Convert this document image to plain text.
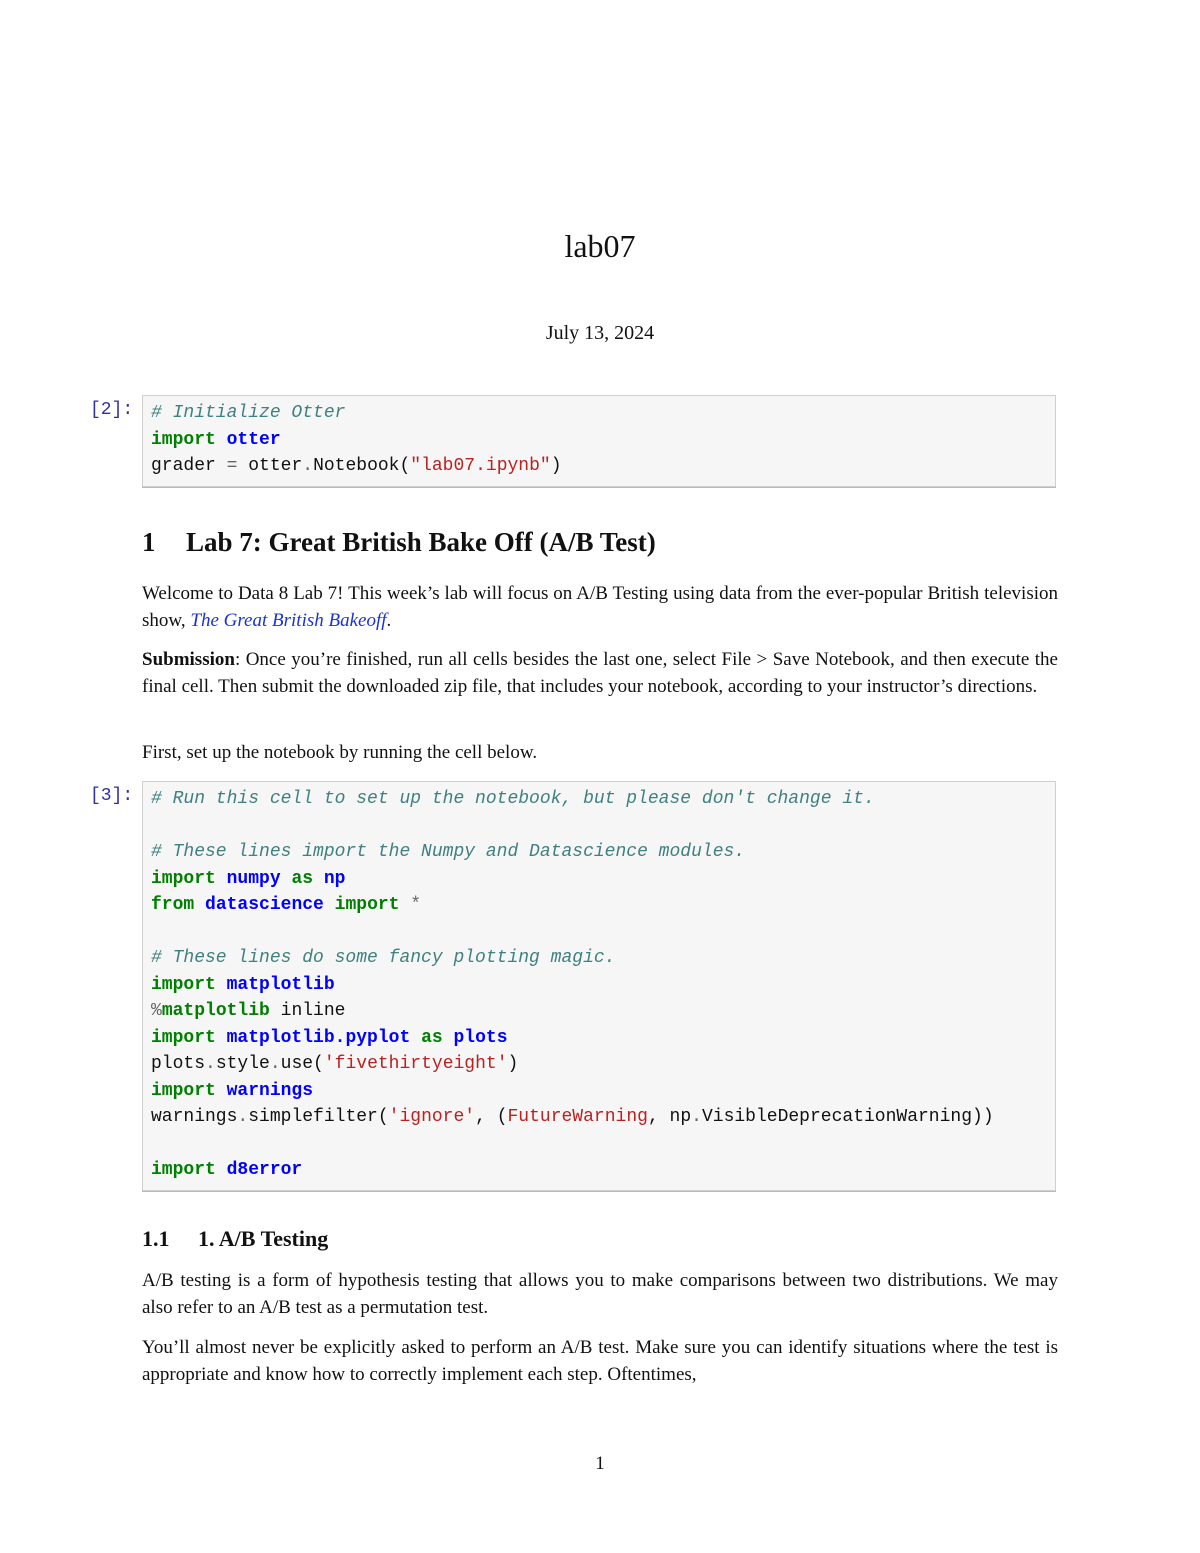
lab07
July 13, 2024
[2]: # Initialize Otter
import otter
grader = otter.Notebook("lab07.ipynb")
1 Lab 7: Great British Bake Off (A/B Test)
Welcome to Data 8 Lab 7! This week’s lab will focus on A/B Testing using data from the ever-popular British television show, The Great British Bakeoff.
Submission: Once you’re finished, run all cells besides the last one, select File > Save Notebook, and then execute the final cell. Then submit the downloaded zip file, that includes your notebook, according to your instructor’s directions.
First, set up the notebook by running the cell below.
[3]: # Run this cell to set up the notebook, but please don't change it.
# These lines import the Numpy and Datascience modules.
import numpy as np
from datascience import *
# These lines do some fancy plotting magic.
import matplotlib
%matplotlib inline
import matplotlib.pyplot as plots
plots.style.use('fivethirtyeight')
import warnings
warnings.simplefilter('ignore', (FutureWarning, np.VisibleDeprecationWarning))
import d8error
1.1 1. A/B Testing
A/B testing is a form of hypothesis testing that allows you to make comparisons between two distributions. We may also refer to an A/B test as a permutation test.
You’ll almost never be explicitly asked to perform an A/B test. Make sure you can identify situations where the test is appropriate and know how to correctly implement each step. Oftentimes,
1
